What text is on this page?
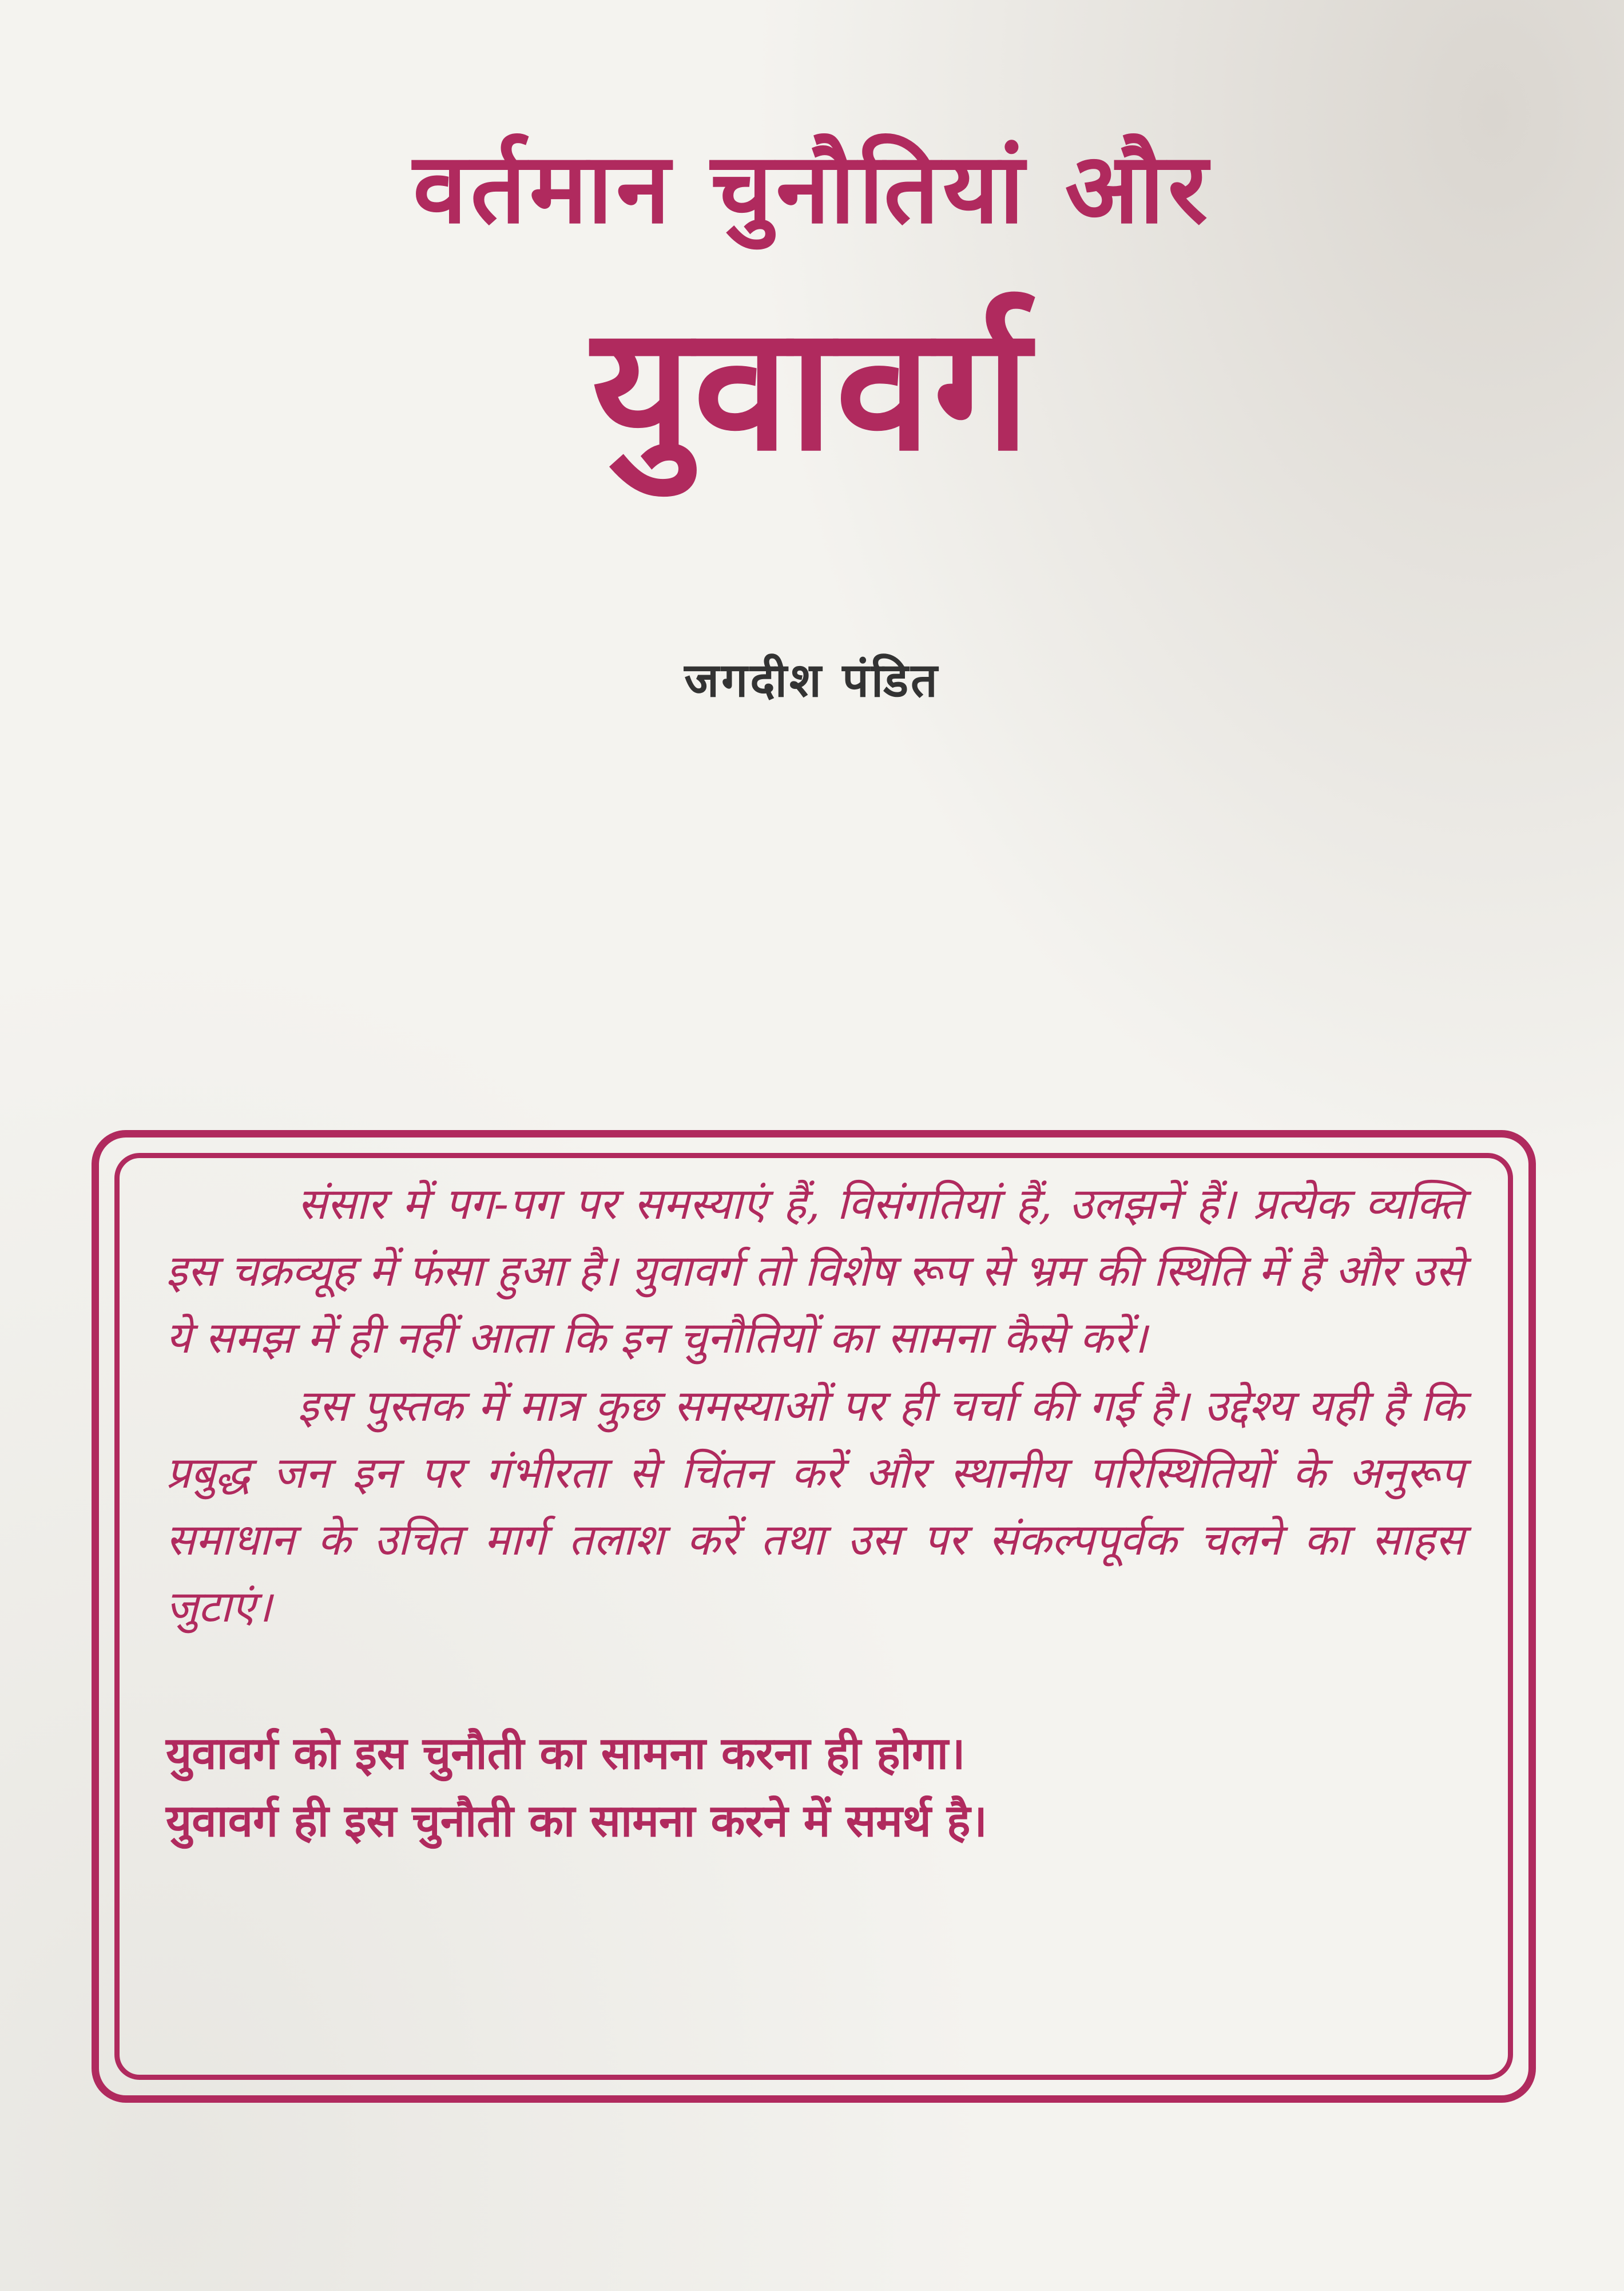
वर्तमान चुनौतियां और
युवावर्ग
जगदीश पंडित

संसार में पग-पग पर समस्याएं हैं, विसंगतियां हैं, उलझनें हैं। प्रत्येक व्यक्ति इस चक्रव्यूह में फंसा हुआ है। युवावर्ग तो विशेष रूप से भ्रम की स्थिति में है और उसे ये समझ में ही नहीं आता कि इन चुनौतियों का सामना कैसे करें।

इस पुस्तक में मात्र कुछ समस्याओं पर ही चर्चा की गई है। उद्देश्य यही है कि प्रबुद्ध जन इन पर गंभीरता से चिंतन करें और स्थानीय परिस्थितियों के अनुरूप समाधान के उचित मार्ग तलाश करें तथा उस पर संकल्पपूर्वक चलने का साहस जुटाएं।

युवावर्ग को इस चुनौती का सामना करना ही होगा।
युवावर्ग ही इस चुनौती का सामना करने में समर्थ है।
